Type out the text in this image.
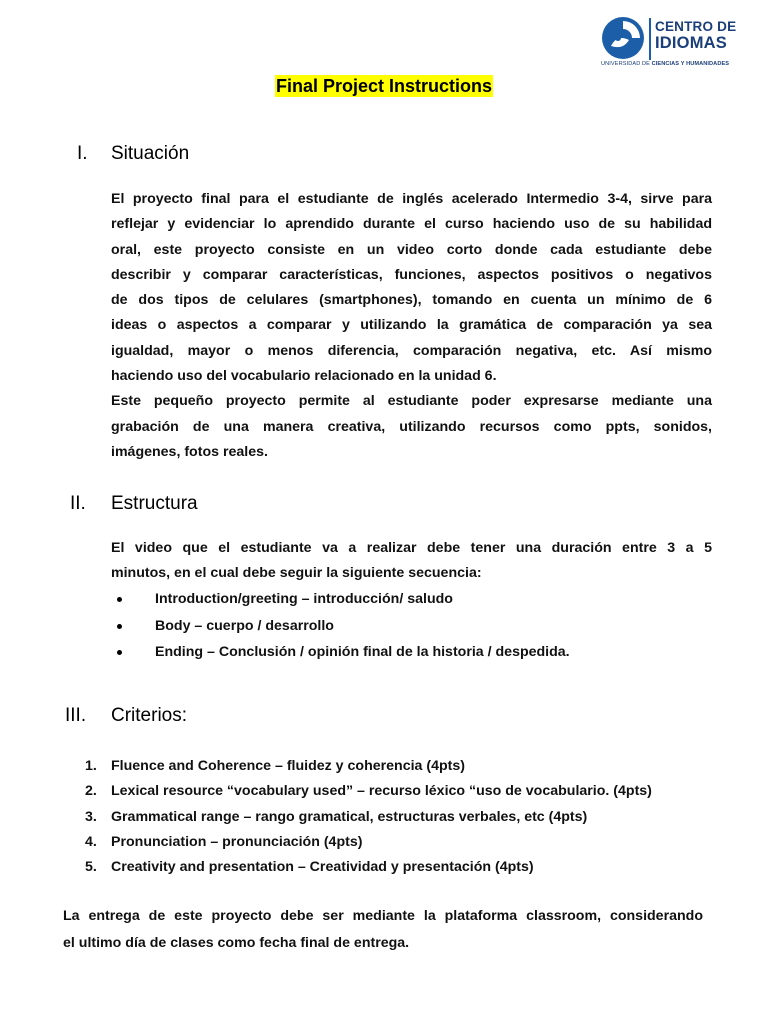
CENTRO DE
IDIOMAS
UNIVERSIDAD DE CIENCIAS Y HUMANIDADES
Final Project Instructions
I.	Situación
El proyecto final para el estudiante de inglés acelerado Intermedio 3-4, sirve para
reflejar y evidenciar lo aprendido durante el curso haciendo uso de su habilidad
oral, este proyecto consiste en un video corto donde cada estudiante debe
describir y comparar características, funciones, aspectos positivos o negativos
de dos tipos de celulares (smartphones), tomando en cuenta un mínimo de 6
ideas o aspectos a comparar y utilizando la gramática de comparación ya sea
igualdad, mayor o menos diferencia, comparación negativa, etc. Así mismo
haciendo uso del vocabulario relacionado en la unidad 6.
Este pequeño proyecto permite al estudiante poder expresarse mediante una
grabación de una manera creativa, utilizando recursos como ppts, sonidos,
imágenes, fotos reales.
II.	Estructura
El video que el estudiante va a realizar debe tener una duración entre 3 a 5
minutos, en el cual debe seguir la siguiente secuencia:
Introduction/greeting – introducción/ saludo
Body – cuerpo / desarrollo
Ending – Conclusión / opinión final de la historia / despedida.
III.	Criterios:
1. Fluence and Coherence – fluidez y coherencia (4pts)
2. Lexical resource “vocabulary used” – recurso léxico “uso de vocabulario. (4pts)
3. Grammatical range – rango gramatical, estructuras verbales, etc (4pts)
4. Pronunciation – pronunciación (4pts)
5. Creativity and presentation – Creatividad y presentación (4pts)
La entrega de este proyecto debe ser mediante la plataforma classroom, considerando
el ultimo día de clases como fecha final de entrega.
